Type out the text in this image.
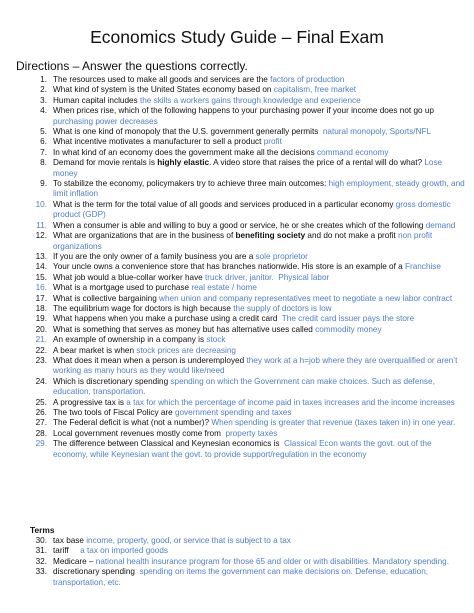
Economics Study Guide – Final Exam
Directions – Answer the questions correctly.
1. The resources used to make all goods and services are the factors of production
2. What kind of system is the United States economy based on capitalism, free market
3. Human capital includes the skills a workers gains through knowledge and experience
4. When prices rise, which of the following happens to your purchasing power if your income does not go up purchasing power decreases
5. What is one kind of monopoly that the U.S. government generally permits  natural monopoly, Sports/NFL
6. What incentive motivates a manufacturer to sell a product profit
7. In what kind of an economy does the government make all the decisions command economy
8. Demand for movie rentals is highly elastic. A video store that raises the price of a rental will do what? Lose money
9. To stabilize the economy, policymakers try to achieve three main outcomes: high employment, steady growth, and limit inflation
10. What is the term for the total value of all goods and services produced in a particular economy gross domestic product (GDP)
11. When a consumer is able and willing to buy a good or service, he or she creates which of the following demand
12. What are organizations that are in the business of benefiting society and do not make a profit non profit organizations
13. If you are the only owner of a family business you are a sole proprietor
14. Your uncle owns a convenience store that has branches nationwide. His store is an example of a Franchise
15. What job would a blue-collar worker have truck driver, janitor.  Physical labor
16. What is a mortgage used to purchase real estate / home
17. What is collective bargaining when union and company representatives meet to negotiate a new labor contract
18. The equilibrium wage for doctors is high because the supply of doctors is low
19. What happens when you make a purchase using a credit card  The credit card issuer pays the store
20. What is something that serves as money but has alternative uses called commodity money
21. An example of ownership in a company is stock
22. A bear market is when stock prices are decreasing
23. What does it mean when a person is underemployed they work at a h=job where they are overqualified or aren’t working as many hours as they would like/need
24. Which is discretionary spending spending on which the Government can make choices. Such as defense, education, transportation.
25. A progressive tax is a tax for which the percentage of income paid in taxes increases and the income increases
26. The two tools of Fiscal Policy are government spending and taxes
27. The Federal deficit is what (not a number)? When spending is greater that revenue (taxes taken in) in one year.
28. Local government revenues mostly come from  property taxes
29. The difference between Classical and Keynesian economics is  Classical Econ wants the govt. out of the economy, while Keynesian want the govt. to provide support/regulation in the economy
Terms
30. tax base income, property, good, or service that is subject to a tax
31. tariff     a tax on imported goods
32. Medicare – national health insurance program for those 65 and older or with disabilities. Mandatory spending.
33. discretionary spending  spending on items the government can make decisions on. Defense, education, transportation, etc.
